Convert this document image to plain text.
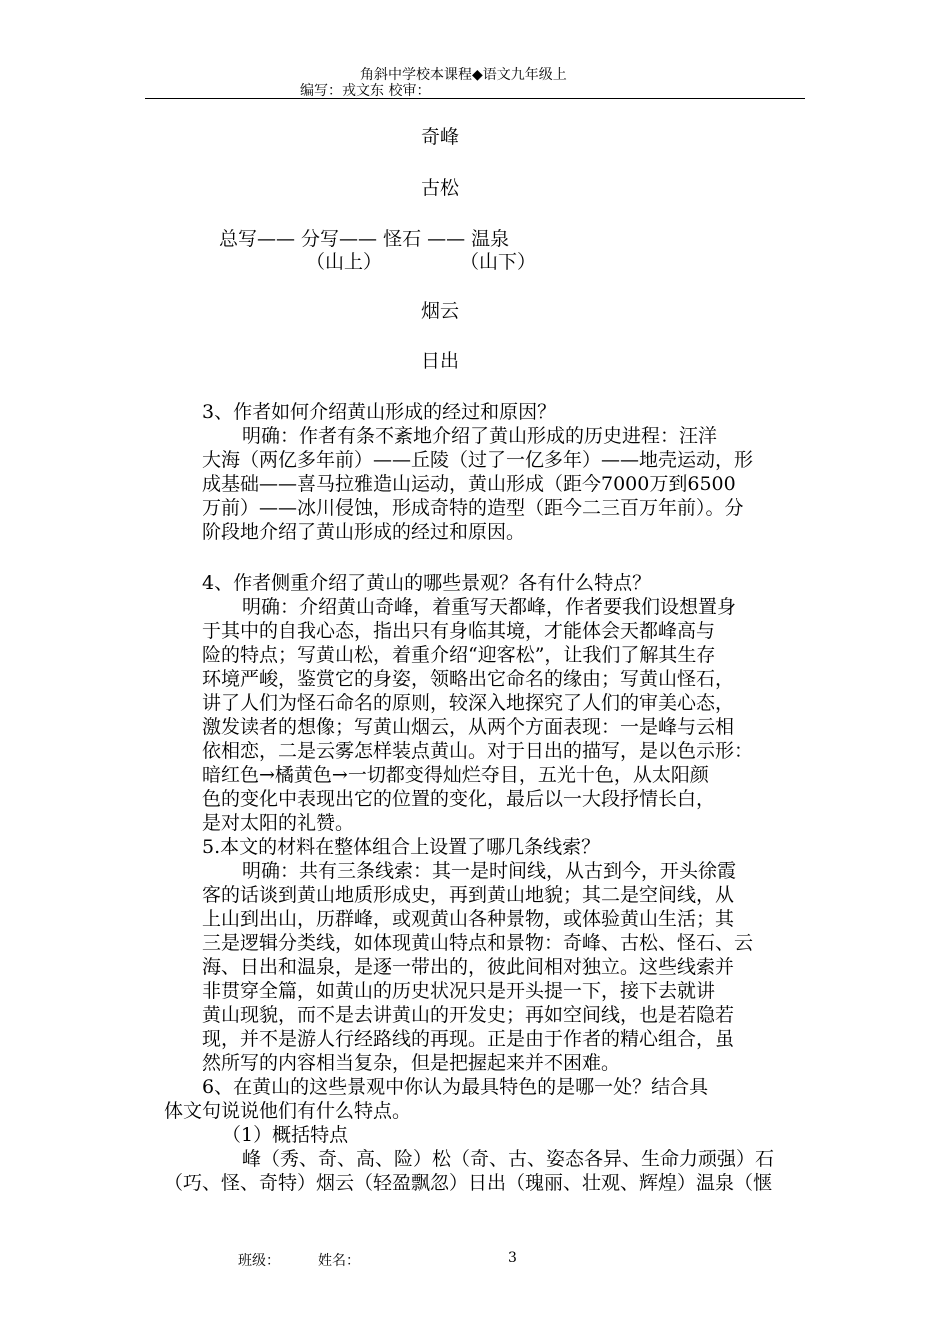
角斜中学校本课程◆语文九年级上
编写：戎文东 校审：
奇峰
古松
总写—— 分写—— 怪石 —— 温泉
（山上）	（山下）
烟云
日出
3、作者如何介绍黄山形成的经过和原因？
明确：作者有条不紊地介绍了黄山形成的历史进程：汪洋
大海（两亿多年前）——丘陵（过了一亿多年）——地壳运动，形
成基础——喜马拉雅造山运动，黄山形成（距今7000万到6500
万前）——冰川侵蚀，形成奇特的造型（距今二三百万年前）。分
阶段地介绍了黄山形成的经过和原因。
4、作者侧重介绍了黄山的哪些景观？各有什么特点？
明确：介绍黄山奇峰，着重写天都峰，作者要我们设想置身
于其中的自我心态，指出只有身临其境，才能体会天都峰高与
险的特点；写黄山松，着重介绍“迎客松”，让我们了解其生存
环境严峻，鉴赏它的身姿，领略出它命名的缘由；写黄山怪石，
讲了人们为怪石命名的原则，较深入地探究了人们的审美心态，
激发读者的想像；写黄山烟云，从两个方面表现：一是峰与云相
依相恋，二是云雾怎样装点黄山。对于日出的描写，是以色示形：
暗红色→橘黄色→一切都变得灿烂夺目，五光十色，从太阳颜
色的变化中表现出它的位置的变化，最后以一大段抒情长白，
是对太阳的礼赞。
5.本文的材料在整体组合上设置了哪几条线索？
明确：共有三条线索：其一是时间线，从古到今，开头徐霞
客的话谈到黄山地质形成史，再到黄山地貌；其二是空间线，从
上山到出山，历群峰，或观黄山各种景物，或体验黄山生活；其
三是逻辑分类线，如体现黄山特点和景物：奇峰、古松、怪石、云
海、日出和温泉，是逐一带出的，彼此间相对独立。这些线索并
非贯穿全篇，如黄山的历史状况只是开头提一下，接下去就讲
黄山现貌，而不是去讲黄山的开发史；再如空间线，也是若隐若
现，并不是游人行经路线的再现。正是由于作者的精心组合，虽
然所写的内容相当复杂，但是把握起来并不困难。
6、在黄山的这些景观中你认为最具特色的是哪一处？结合具
体文句说说他们有什么特点。
（1）概括特点
峰（秀、奇、高、险）松（奇、古、姿态各异、生命力顽强）石
（巧、怪、奇特）烟云（轻盈飘忽）日出（瑰丽、壮观、辉煌）温泉（惬
班级：	姓名：	3
